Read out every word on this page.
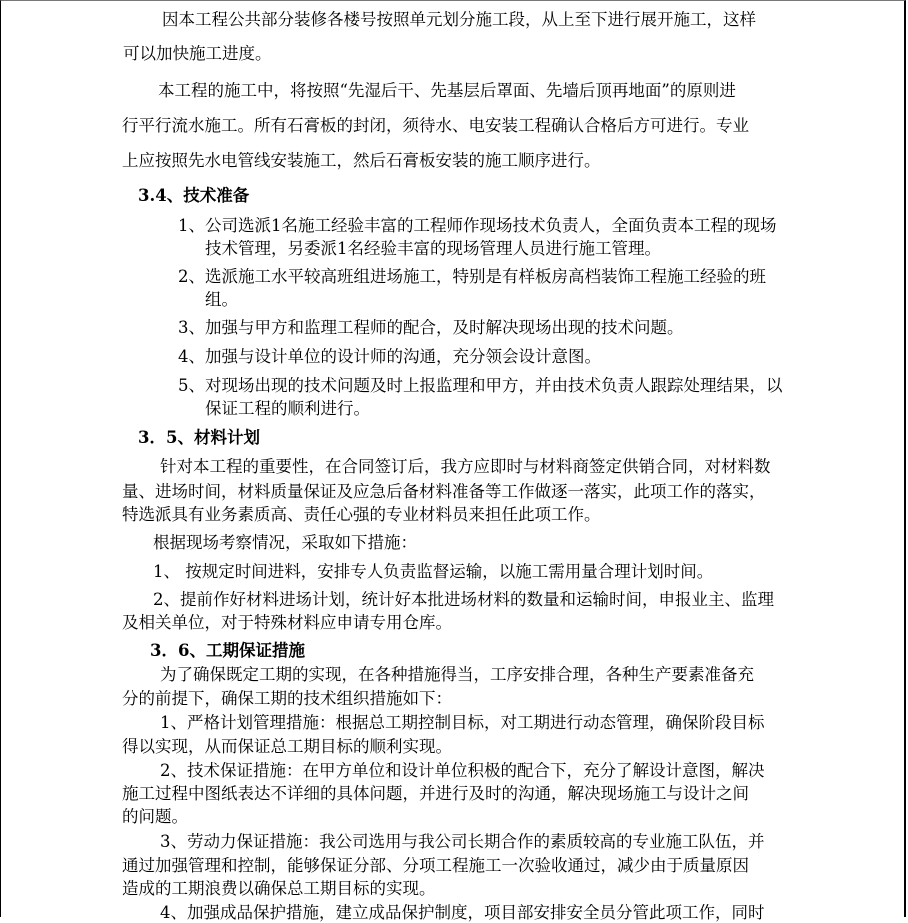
因本工程公共部分装修各楼号按照单元划分施工段，从上至下进行展开施工，这样
可以加快施工进度。
本工程的施工中，将按照“先湿后干、先基层后罩面、先墙后顶再地面”的原则进
行平行流水施工。所有石膏板的封闭，须待水、电安装工程确认合格后方可进行。专业
上应按照先水电管线安装施工，然后石膏板安装的施工顺序进行。
3.4、技术准备
1、公司选派1名施工经验丰富的工程师作现场技术负责人，全面负责本工程的现场
技术管理，另委派1名经验丰富的现场管理人员进行施工管理。
2、选派施工水平较高班组进场施工，特别是有样板房高档装饰工程施工经验的班
组。
3、加强与甲方和监理工程师的配合，及时解决现场出现的技术问题。
4、加强与设计单位的设计师的沟通，充分领会设计意图。
5、对现场出现的技术问题及时上报监理和甲方，并由技术负责人跟踪处理结果，以
保证工程的顺利进行。
3．5、材料计划
针对本工程的重要性，在合同签订后，我方应即时与材料商签定供销合同，对材料数
量、进场时间，材料质量保证及应急后备材料准备等工作做逐一落实，此项工作的落实，
特选派具有业务素质高、责任心强的专业材料员来担任此项工作。
根据现场考察情况，采取如下措施：
1、 按规定时间进料，安排专人负责监督运输，以施工需用量合理计划时间。
2、提前作好材料进场计划，统计好本批进场材料的数量和运输时间，申报业主、监理
及相关单位，对于特殊材料应申请专用仓库。
3．6、工期保证措施
为了确保既定工期的实现，在各种措施得当，工序安排合理，各种生产要素准备充
分的前提下，确保工期的技术组织措施如下：
1、严格计划管理措施：根据总工期控制目标，对工期进行动态管理，确保阶段目标
得以实现，从而保证总工期目标的顺利实现。
2、技术保证措施：在甲方单位和设计单位积极的配合下，充分了解设计意图，解决
施工过程中图纸表达不详细的具体问题，并进行及时的沟通，解决现场施工与设计之间
的问题。
3、劳动力保证措施：我公司选用与我公司长期合作的素质较高的专业施工队伍，并
通过加强管理和控制，能够保证分部、分项工程施工一次验收通过，减少由于质量原因
造成的工期浪费以确保总工期目标的实现。
4、加强成品保护措施，建立成品保护制度，项目部安排安全员分管此项工作，同时
